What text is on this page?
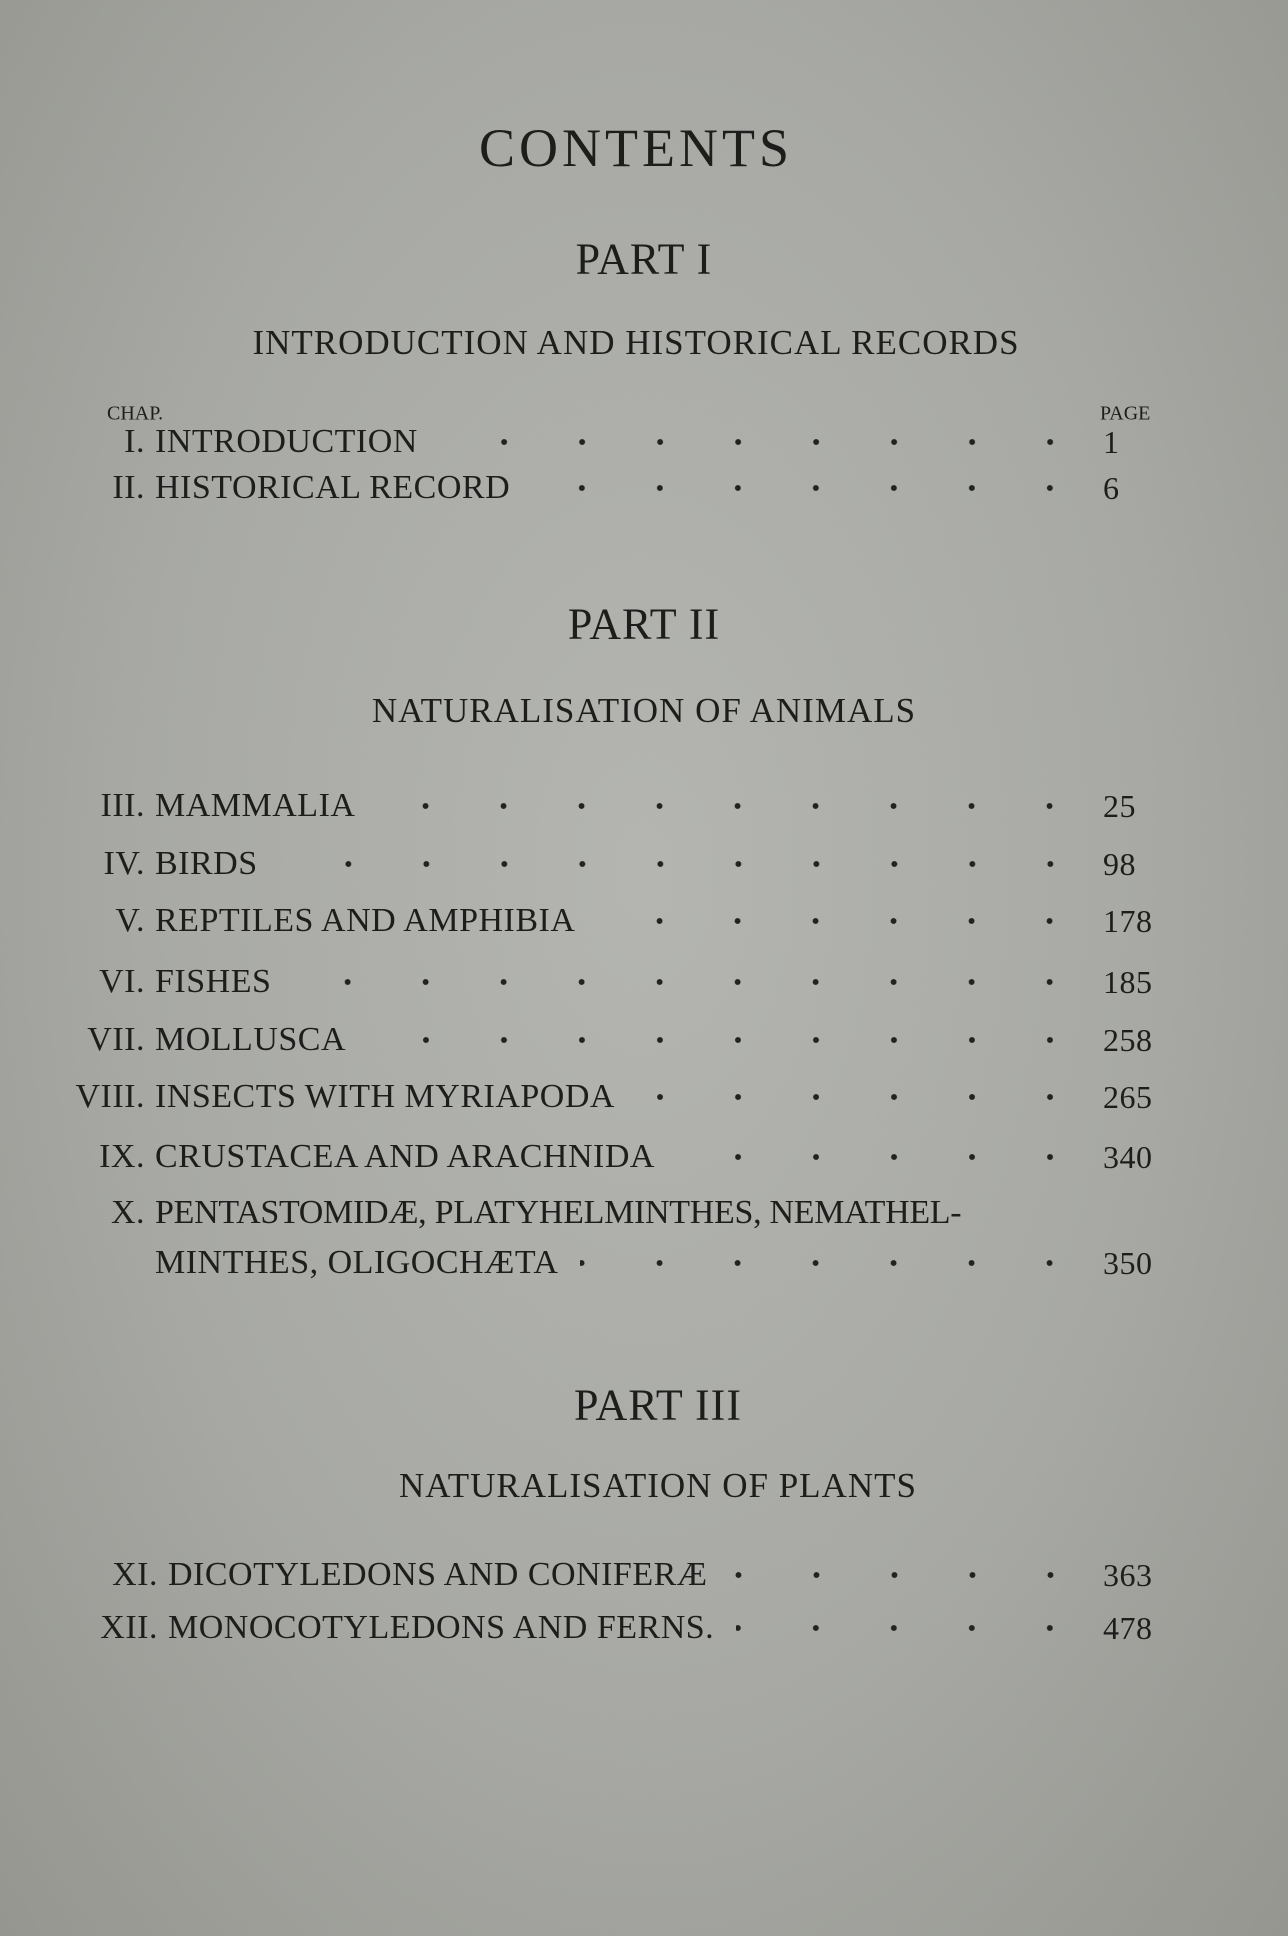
CONTENTS
PART I
INTRODUCTION AND HISTORICAL RECORDS
CHAP.	PAGE
I. INTRODUCTION	1
II. HISTORICAL RECORD	6
PART II
NATURALISATION OF ANIMALS
III. MAMMALIA	25
IV. BIRDS	98
V. REPTILES AND AMPHIBIA	178
VI. FISHES	185
VII. MOLLUSCA	258
VIII. INSECTS WITH MYRIAPODA	265
IX. CRUSTACEA AND ARACHNIDA	340
X. PENTASTOMIDÆ, PLATYHELMINTHES, NEMATHEL-
MINTHES, OLIGOCHÆTA	350
PART III
NATURALISATION OF PLANTS
XI. DICOTYLEDONS AND CONIFERÆ	363
XII. MONOCOTYLEDONS AND FERNS.	478
